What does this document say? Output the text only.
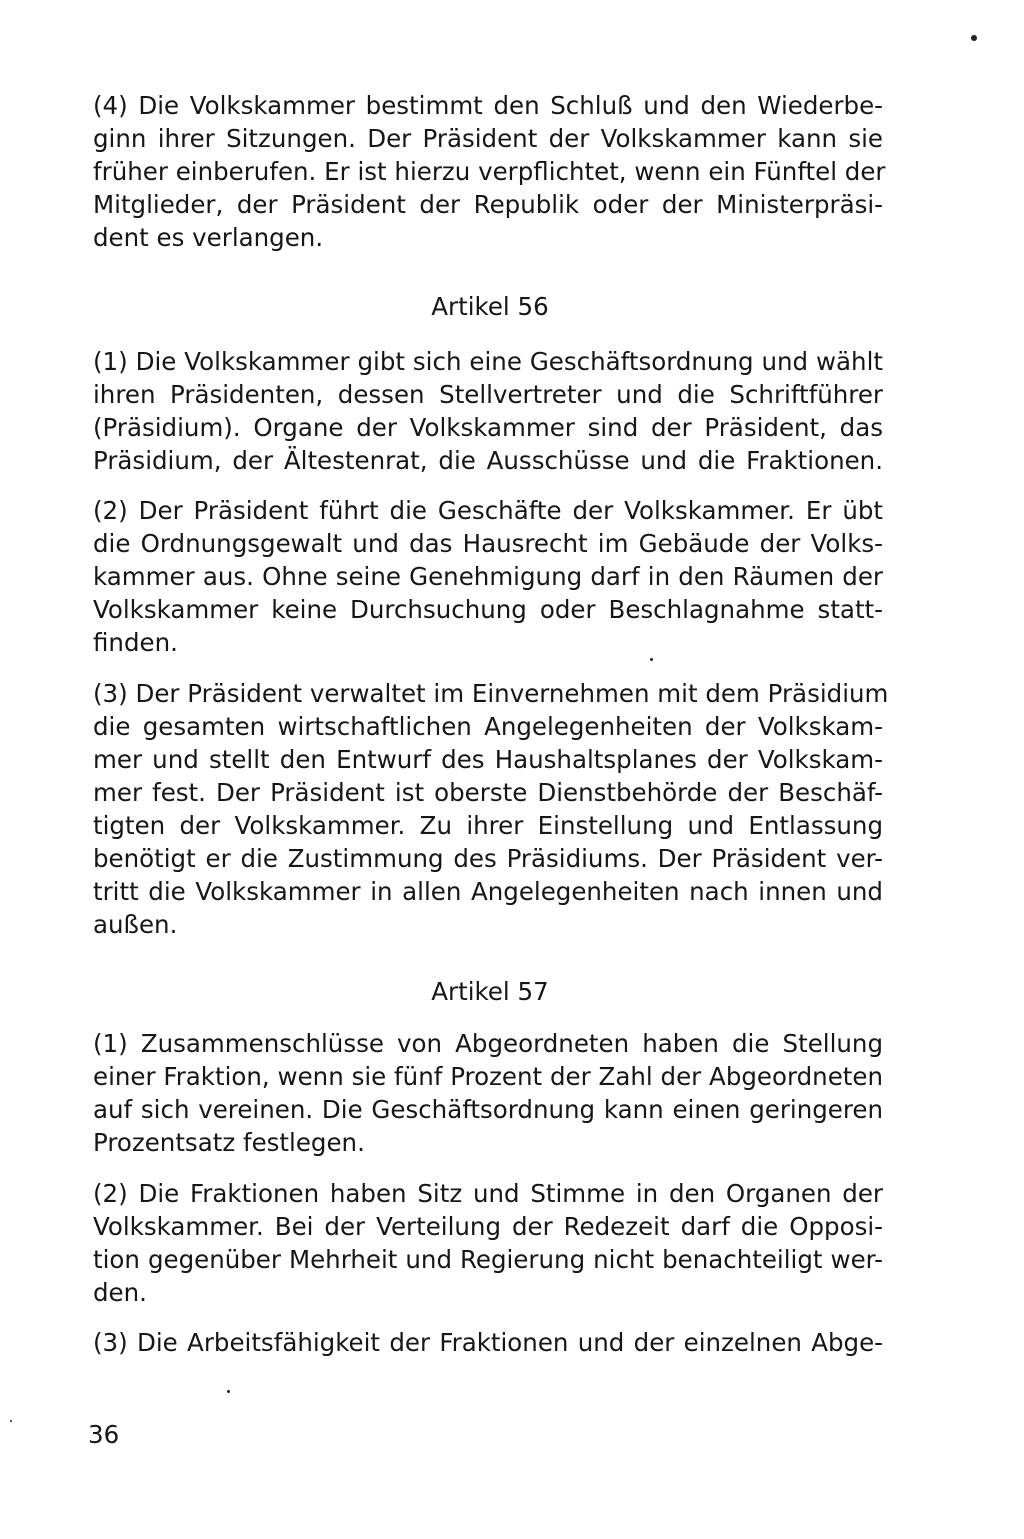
(4) Die Volkskammer bestimmt den Schluß und den Wiederbe-
ginn ihrer Sitzungen. Der Präsident der Volkskammer kann sie
früher einberufen. Er ist hierzu verpflichtet, wenn ein Fünftel der
Mitglieder, der Präsident der Republik oder der Ministerpräsi-
dent es verlangen.
Artikel 56
(1) Die Volkskammer gibt sich eine Geschäftsordnung und wählt
ihren Präsidenten, dessen Stellvertreter und die Schriftführer
(Präsidium). Organe der Volkskammer sind der Präsident, das
Präsidium, der Ältestenrat, die Ausschüsse und die Fraktionen.
(2) Der Präsident führt die Geschäfte der Volkskammer. Er übt
die Ordnungsgewalt und das Hausrecht im Gebäude der Volks-
kammer aus. Ohne seine Genehmigung darf in den Räumen der
Volkskammer keine Durchsuchung oder Beschlagnahme statt-
finden.
(3) Der Präsident verwaltet im Einvernehmen mit dem Präsidium
die gesamten wirtschaftlichen Angelegenheiten der Volkskam-
mer und stellt den Entwurf des Haushaltsplanes der Volkskam-
mer fest. Der Präsident ist oberste Dienstbehörde der Beschäf-
tigten der Volkskammer. Zu ihrer Einstellung und Entlassung
benötigt er die Zustimmung des Präsidiums. Der Präsident ver-
tritt die Volkskammer in allen Angelegenheiten nach innen und
außen.
Artikel 57
(1) Zusammenschlüsse von Abgeordneten haben die Stellung
einer Fraktion, wenn sie fünf Prozent der Zahl der Abgeordneten
auf sich vereinen. Die Geschäftsordnung kann einen geringeren
Prozentsatz festlegen.
(2) Die Fraktionen haben Sitz und Stimme in den Organen der
Volkskammer. Bei der Verteilung der Redezeit darf die Opposi-
tion gegenüber Mehrheit und Regierung nicht benachteiligt wer-
den.
(3) Die Arbeitsfähigkeit der Fraktionen und der einzelnen Abge-
36
